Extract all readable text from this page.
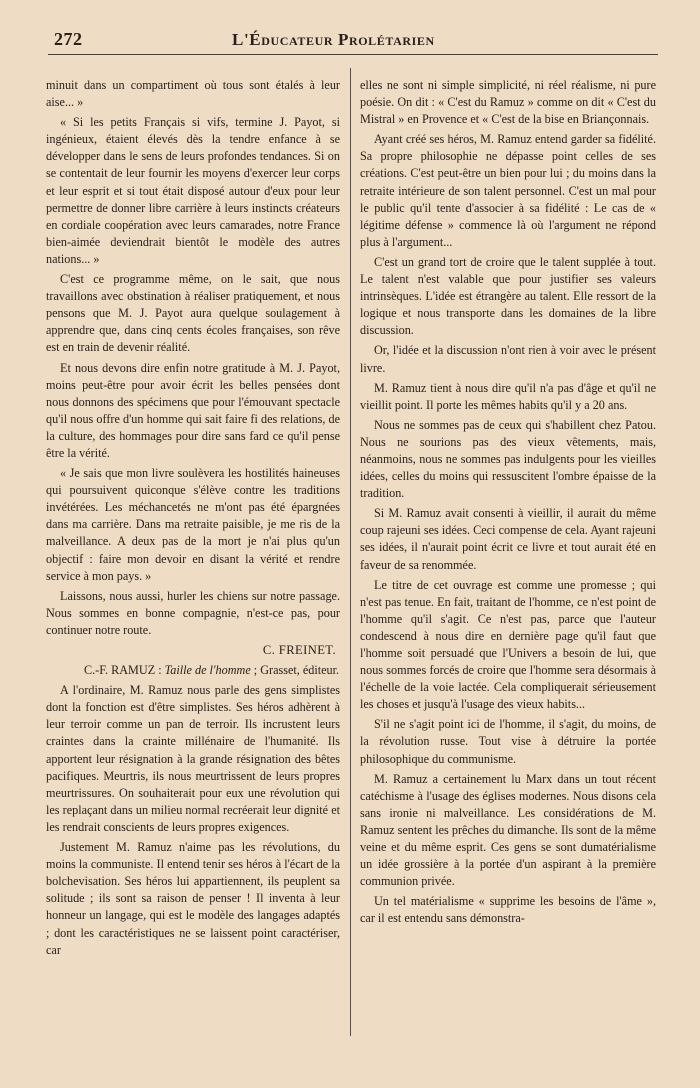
272	L'Éducateur Prolétarien

minuit dans un compartiment où tous sont étalés à leur aise... »

« Si les petits Français si vifs, termine J. Payot, si ingénieux, étaient élevés dès la tendre enfance à se développer dans le sens de leurs profondes tendances. Si on se contentait de leur fournir les moyens d'exercer leur corps et leur esprit et si tout était disposé autour d'eux pour leur permettre de donner libre carrière à leurs instincts créateurs en cordiale coopération avec leurs camarades, notre France bien-aimée deviendrait bientôt le modèle des autres nations... »

C'est ce programme même, on le sait, que nous travaillons avec obstination à réaliser pratiquement, et nous pensons que M. J. Payot aura quelque soulagement à apprendre que, dans cinq cents écoles françaises, son rêve est en train de devenir réalité.

Et nous devons dire enfin notre gratitude à M. J. Payot, moins peut-être pour avoir écrit les belles pensées dont nous donnons des spécimens que pour l'émouvant spectacle qu'il nous offre d'un homme qui sait faire fi des relations, de la culture, des hommages pour dire sans fard ce qu'il pense être la vérité.

« Je sais que mon livre soulèvera les hostilités haineuses qui poursuivent quiconque s'élève contre les traditions invétérées. Les méchancetés ne m'ont pas été épargnées dans ma carrière. Dans ma retraite paisible, je me ris de la malveillance. A deux pas de la mort je n'ai plus qu'un objectif : faire mon devoir en disant la vérité et rendre service à mon pays. »

Laissons, nous aussi, hurler les chiens sur notre passage. Nous sommes en bonne compagnie, n'est-ce pas, pour continuer notre route.

C. FREINET.

C.-F. RAMUZ : Taille de l'homme ; Grasset, éditeur.

A l'ordinaire, M. Ramuz nous parle des gens simplistes dont la fonction est d'être simplistes. Ses héros adhèrent à leur terroir comme un pan de terroir. Ils incrustent leurs craintes dans la crainte millénaire de l'humanité. Ils apportent leur résignation à la grande résignation des bêtes pacifiques. Meurtris, ils nous meurtrissent de leurs propres meurtrissures. On souhaiterait pour eux une révolution qui les replaçant dans un milieu normal recréerait leur dignité et les rendrait conscients de leurs propres exigences.

Justement M. Ramuz n'aime pas les révolutions, du moins la communiste. Il entend tenir ses héros à l'écart de la bolchevisation. Ses héros lui appartiennent, ils peuplent sa solitude ; ils sont sa raison de penser ! Il inventa à leur honneur un langage, qui est le modèle des langages adaptés ; dont les caractéristiques ne se laissent point caractériser, car

elles ne sont ni simple simplicité, ni réel réalisme, ni pure poésie. On dit : « C'est du Ramuz » comme on dit « C'est du Mistral » en Provence et « C'est de la bise en Briançonnais.

Ayant créé ses héros, M. Ramuz entend garder sa fidélité. Sa propre philosophie ne dépasse point celles de ses créations. C'est peut-être un bien pour lui ; du moins dans la retraite intérieure de son talent personnel. C'est un mal pour le public qu'il tente d'associer à sa fidélité : Le cas de « légitime défense » commence là où l'argument ne répond plus à l'argument...

C'est un grand tort de croire que le talent supplée à tout. Le talent n'est valable que pour justifier ses valeurs intrinsèques. L'idée est étrangère au talent. Elle ressort de la logique et nous transporte dans les domaines de la libre discussion.

Or, l'idée et la discussion n'ont rien à voir avec le présent livre.

M. Ramuz tient à nous dire qu'il n'a pas d'âge et qu'il ne vieillit point. Il porte les mêmes habits qu'il y a 20 ans.

Nous ne sommes pas de ceux qui s'habillent chez Patou. Nous ne sourions pas des vieux vêtements, mais, néanmoins, nous ne sommes pas indulgents pour les vieilles idées, celles du moins qui ressuscitent l'ombre épaisse de la tradition.

Si M. Ramuz avait consenti à vieillir, il aurait du même coup rajeuni ses idées. Ceci compense de cela. Ayant rajeuni ses idées, il n'aurait point écrit ce livre et tout aurait été en faveur de sa renommée.

Le titre de cet ouvrage est comme une promesse ; qui n'est pas tenue. En fait, traitant de l'homme, ce n'est point de l'homme qu'il s'agit. Ce n'est pas, parce que l'auteur condescend à nous dire en dernière page qu'il faut que l'homme soit persuadé que l'Univers a besoin de lui, que nous sommes forcés de croire que l'homme sera désormais à l'échelle de la voie lactée. Cela compliquerait sérieusement les choses et jusqu'à l'usage des vieux habits...

S'il ne s'agit point ici de l'homme, il s'agit, du moins, de la révolution russe. Tout vise à détruire la portée philosophique du communisme.

M. Ramuz a certainement lu Marx dans un tout récent catéchisme à l'usage des églises modernes. Nous disons cela sans ironie ni malveillance. Les considérations de M. Ramuz sentent les prêches du dimanche. Ils sont de la même veine et du même esprit. Ces gens se sont dumatérialisme un idée grossière à la portée d'un aspirant à la première communion privée.

Un tel matérialisme « supprime les besoins de l'âme », car il est entendu sans démonstra-
